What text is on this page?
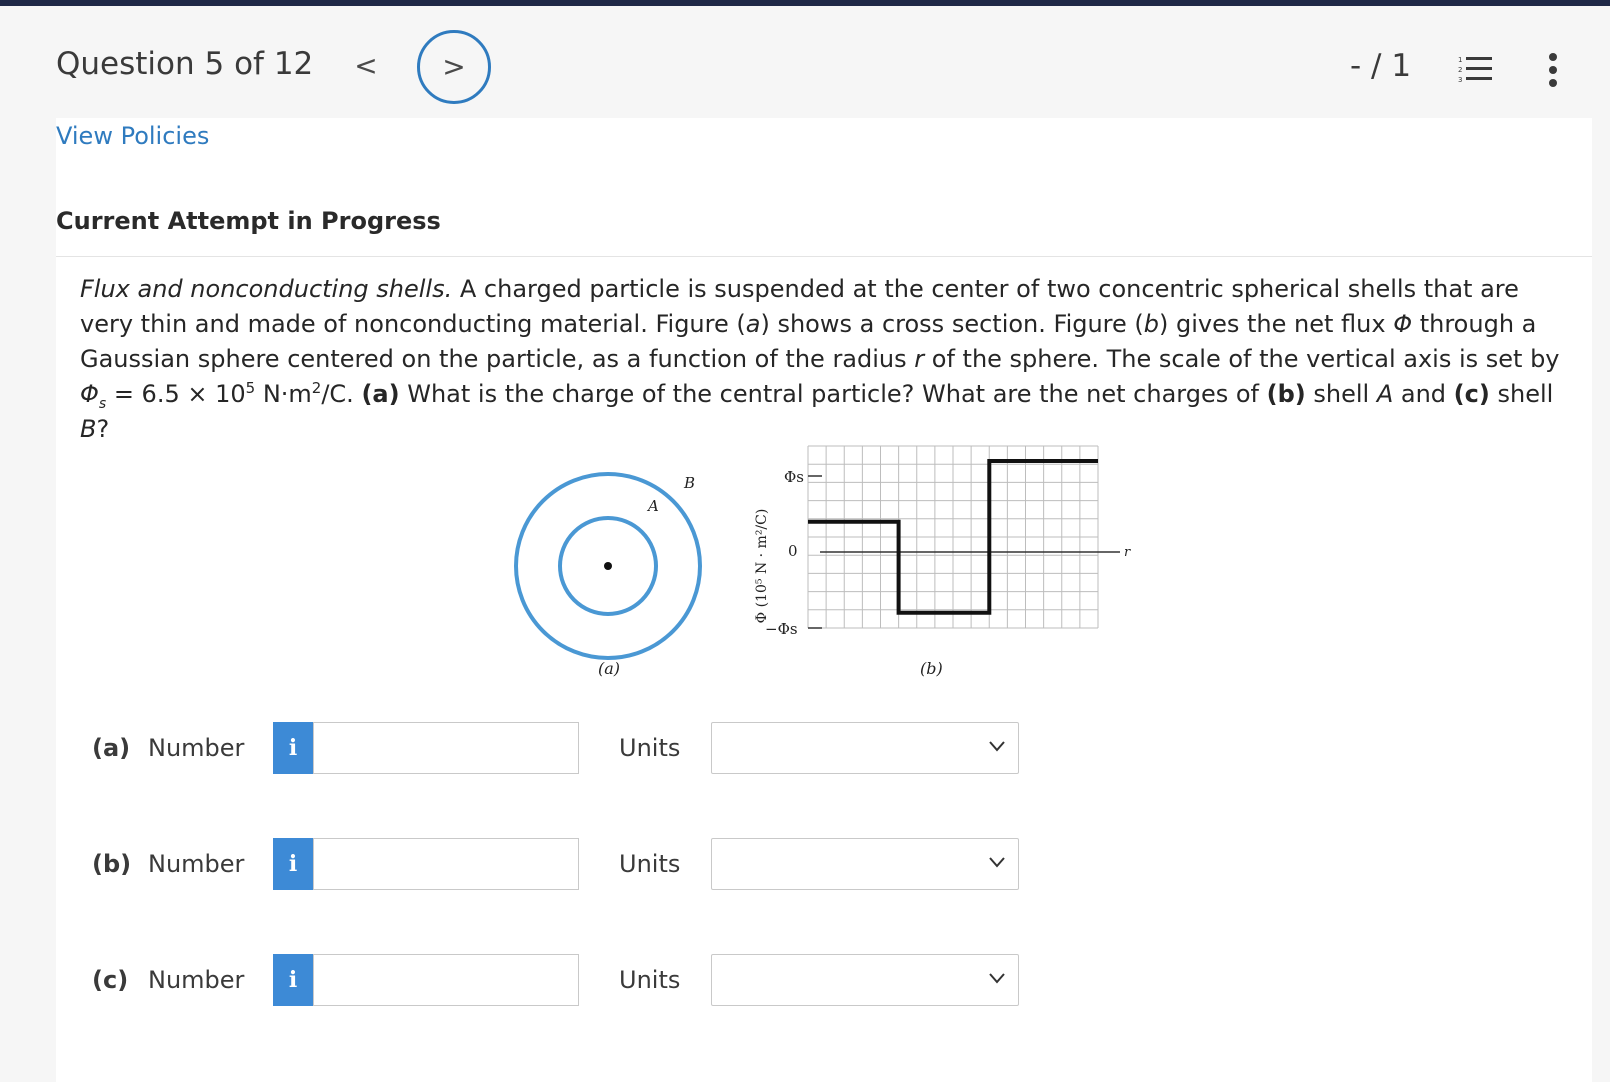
Question 5 of 12 <	>	- / 1	1
2
3
View Policies
Current Attempt in Progress
Flux and nonconducting shells. A charged particle is suspended at the center of two concentric spherical shells that are very thin and made of nonconducting material. Figure (a) shows a cross section. Figure (b) gives the net flux Φ through a Gaussian sphere centered on the particle, as a function of the radius r of the sphere. The scale of the vertical axis is set by $\Phi_s = 6.5 \times 10^5$ $N\cdot m^2/C$. (a) What is the charge of the central particle? What are the net charges of (b) shell A and (c) shell B?
A
B
(a)
r
Φs
0
−Φs
Φ (10⁵ N · m²/C)
(b)
(a) Number	i	Units
(b) Number	i	Units
(c) Number	i	Units
